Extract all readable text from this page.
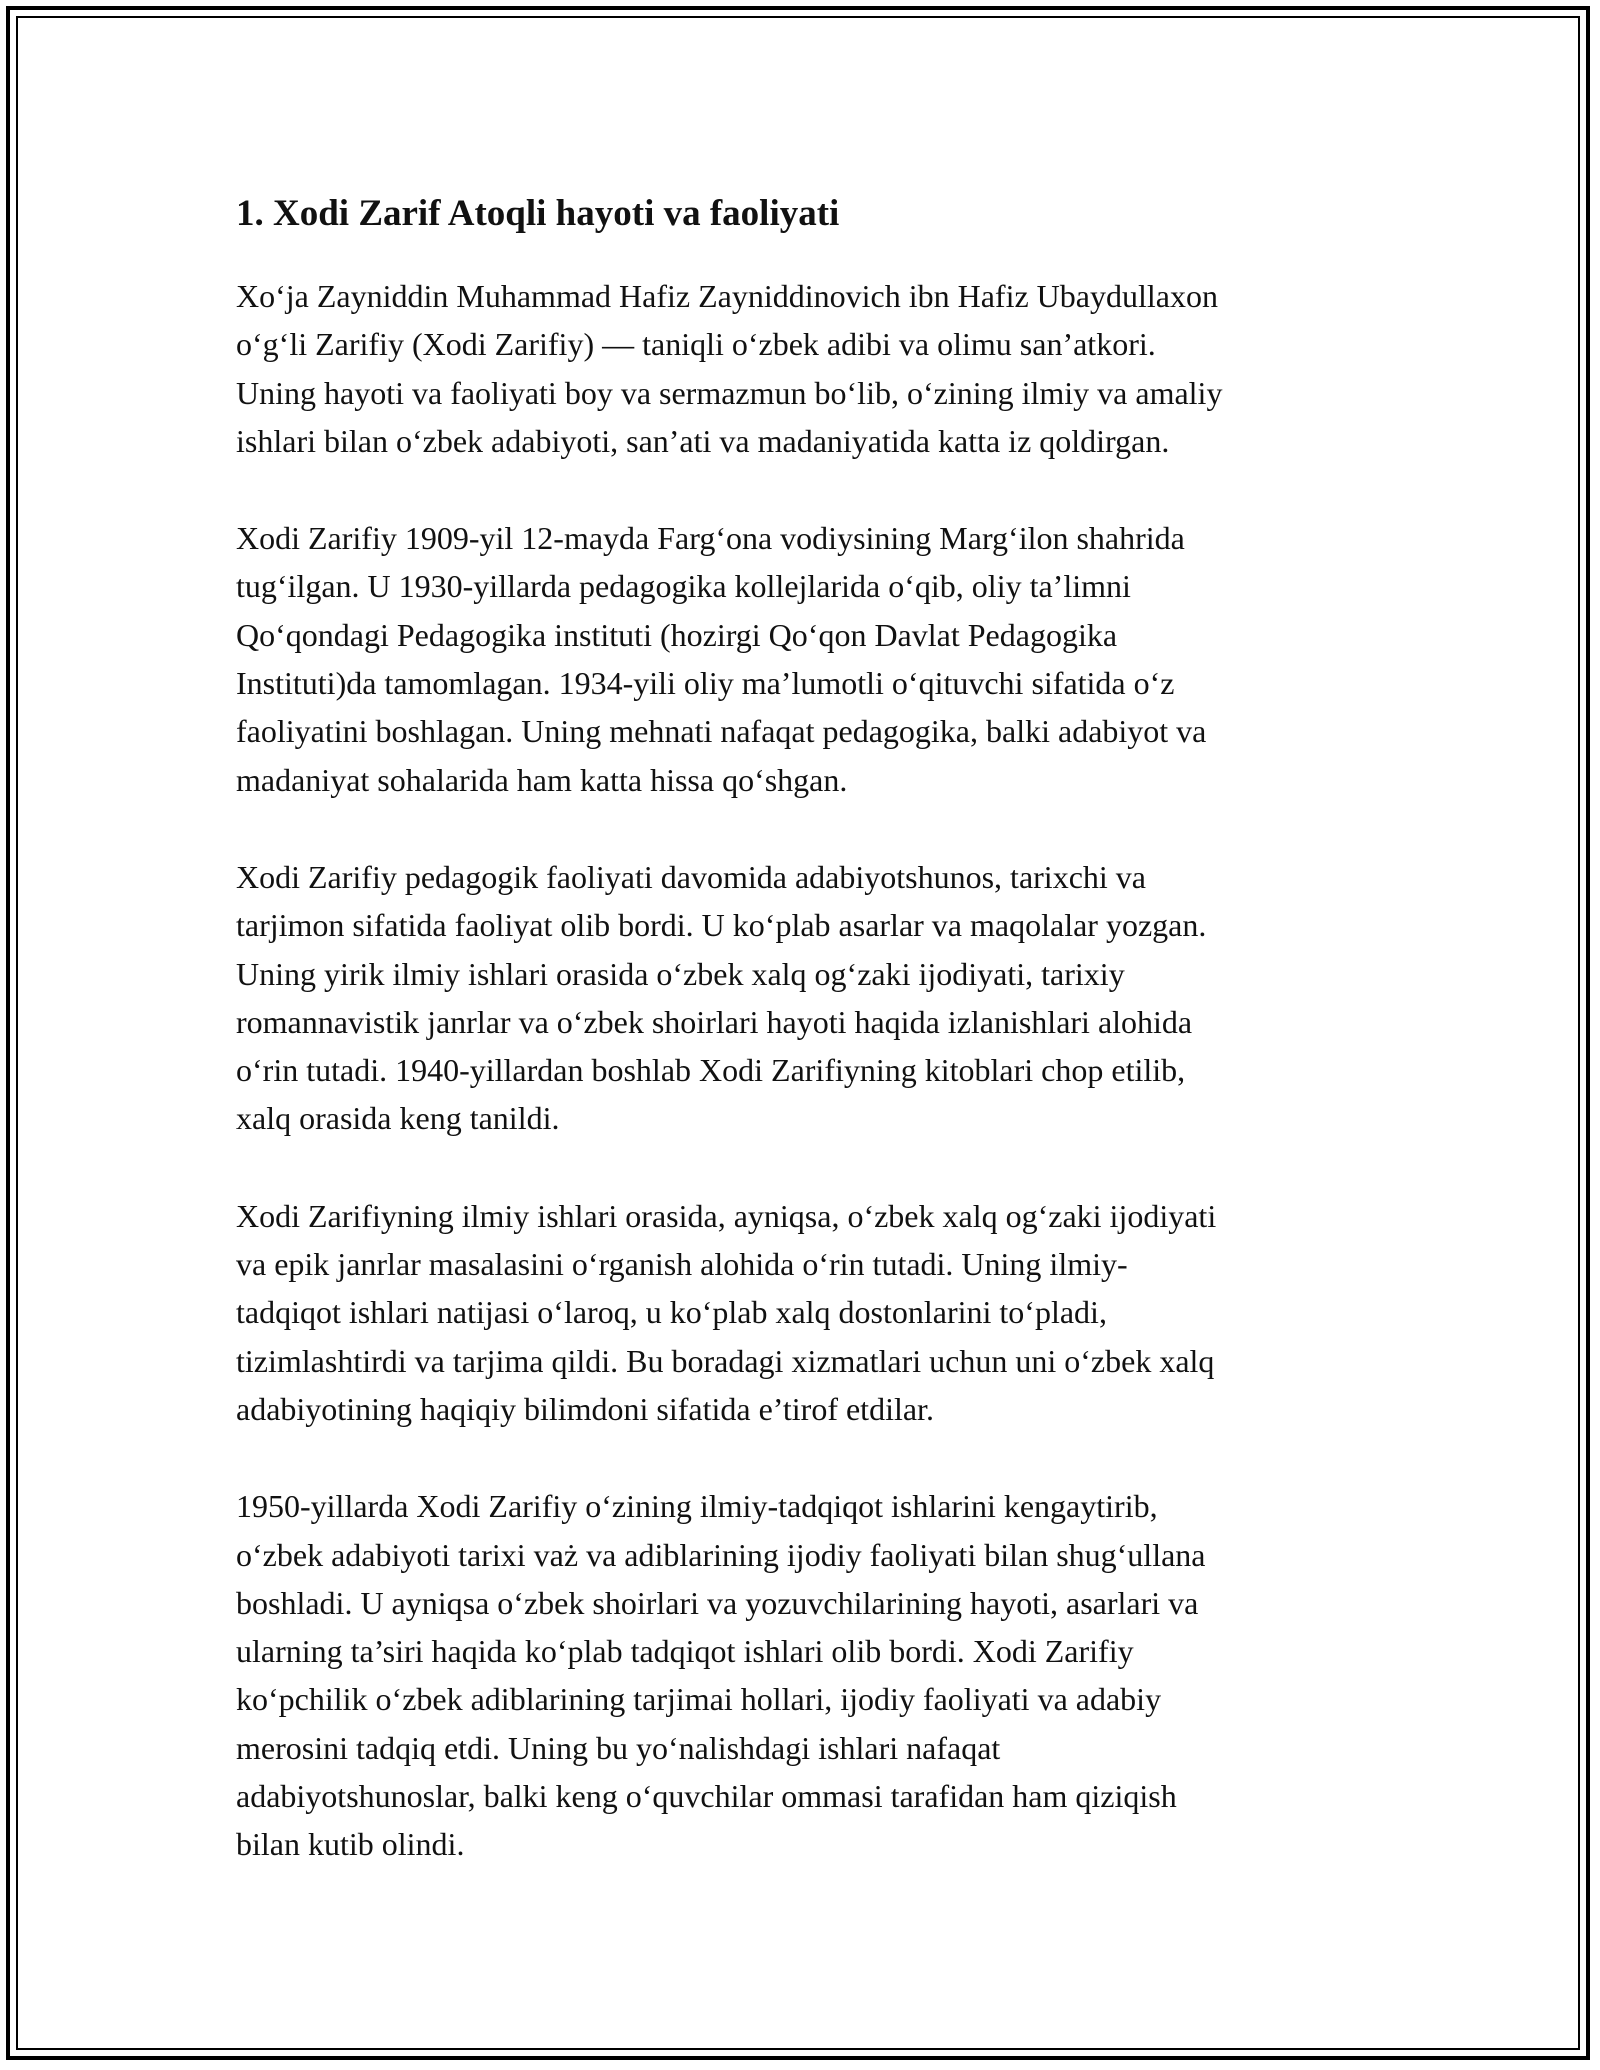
1. Xodi Zarif Atoqli hayoti va faoliyati

Xo‘ja Zayniddin Muhammad Hafiz Zayniddinovich ibn Hafiz Ubaydullaxon
o‘g‘li Zarifiy (Xodi Zarifiy) — taniqli o‘zbek adibi va olimu san’atkori.
Uning hayoti va faoliyati boy va sermazmun bo‘lib, o‘zining ilmiy va amaliy
ishlari bilan o‘zbek adabiyoti, san’ati va madaniyatida katta iz qoldirgan.

Xodi Zarifiy 1909-yil 12-mayda Farg‘ona vodiysining Marg‘ilon shahrida
tug‘ilgan. U 1930-yillarda pedagogika kollejlarida o‘qib, oliy ta’limni
Qo‘qondagi Pedagogika instituti (hozirgi Qo‘qon Davlat Pedagogika
Instituti)da tamomlagan. 1934-yili oliy ma’lumotli o‘qituvchi sifatida o‘z
faoliyatini boshlagan. Uning mehnati nafaqat pedagogika, balki adabiyot va
madaniyat sohalarida ham katta hissa qo‘shgan.

Xodi Zarifiy pedagogik faoliyati davomida adabiyotshunos, tarixchi va
tarjimon sifatida faoliyat olib bordi. U ko‘plab asarlar va maqolalar yozgan.
Uning yirik ilmiy ishlari orasida o‘zbek xalq og‘zaki ijodiyati, tarixiy
romannavistik janrlar va o‘zbek shoirlari hayoti haqida izlanishlari alohida
o‘rin tutadi. 1940-yillardan boshlab Xodi Zarifiyning kitoblari chop etilib,
xalq orasida keng tanildi.

Xodi Zarifiyning ilmiy ishlari orasida, ayniqsa, o‘zbek xalq og‘zaki ijodiyati
va epik janrlar masalasini o‘rganish alohida o‘rin tutadi. Uning ilmiy-
tadqiqot ishlari natijasi o‘laroq, u ko‘plab xalq dostonlarini to‘pladi,
tizimlashtirdi va tarjima qildi. Bu boradagi xizmatlari uchun uni o‘zbek xalq
adabiyotining haqiqiy bilimdoni sifatida e’tirof etdilar.

1950-yillarda Xodi Zarifiy o‘zining ilmiy-tadqiqot ishlarini kengaytirib,
o‘zbek adabiyoti tarixi vaż va adiblarining ijodiy faoliyati bilan shug‘ullana
boshladi. U ayniqsa o‘zbek shoirlari va yozuvchilarining hayoti, asarlari va
ularning ta’siri haqida ko‘plab tadqiqot ishlari olib bordi. Xodi Zarifiy
ko‘pchilik o‘zbek adiblarining tarjimai hollari, ijodiy faoliyati va adabiy
merosini tadqiq etdi. Uning bu yo‘nalishdagi ishlari nafaqat
adabiyotshunoslar, balki keng o‘quvchilar ommasi tarafidan ham qiziqish
bilan kutib olindi.
